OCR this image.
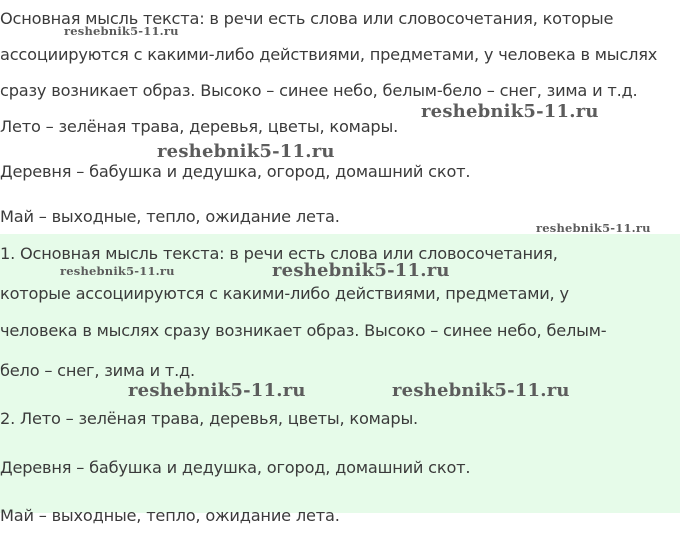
Основная мысль текста: в речи есть слова или словосочетания, которые
ассоциируются с какими-либо действиями, предметами, у человека в мыслях
сразу возникает образ. Высоко – синее небо, белым-бело – снег, зима и т.д.
Лето – зелёная трава, деревья, цветы, комары.
Деревня – бабушка и дедушка, огород, домашний скот.
Май – выходные, тепло, ожидание лета.
1. Основная мысль текста: в речи есть слова или словосочетания,
которые ассоциируются с какими-либо действиями, предметами, у
человека в мыслях сразу возникает образ. Высоко – синее небо, белым-
бело – снег, зима и т.д.
2. Лето – зелёная трава, деревья, цветы, комары.
Деревня – бабушка и дедушка, огород, домашний скот.
Май – выходные, тепло, ожидание лета.
reshebnik5-11.ru
reshebnik5-11.ru
reshebnik5-11.ru
reshebnik5-11.ru
reshebnik5-11.ru	reshebnik5-11.ru
reshebnik5-11.ru	reshebnik5-11.ru
